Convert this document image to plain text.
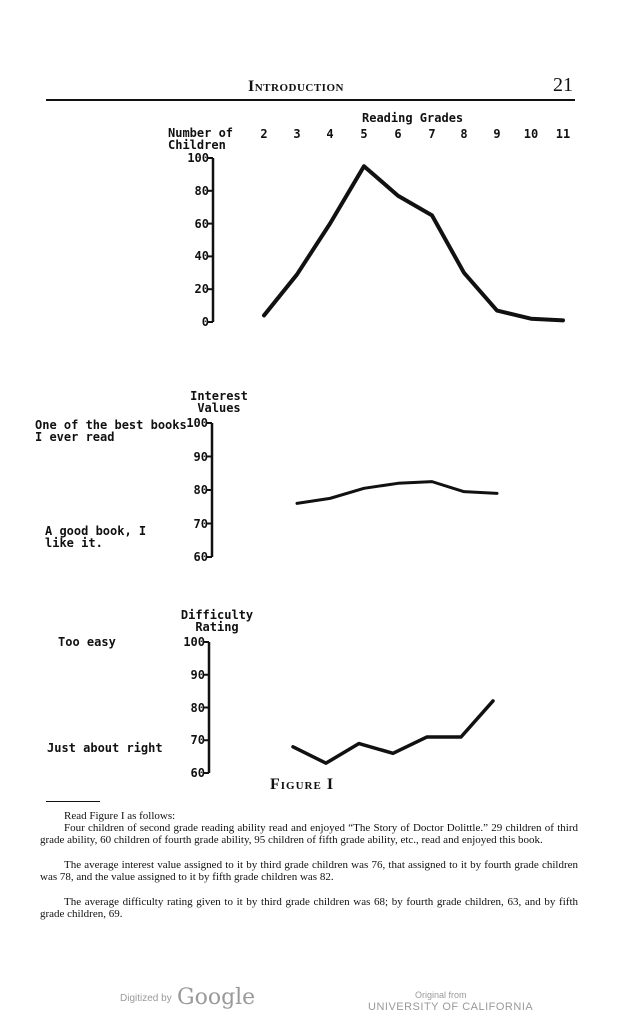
Introduction	21
Reading Grades
Number of Children
2	3	4	5	6	7	8	9	10 11
100
80
60
40
20
0
Interest Values
One of the best books I ever read
A good book, I like it.
100
90
80
70
60
Difficulty Rating
Too easy
Just about right
100
90
80
70
60
Figure I
Read Figure I as follows:
Four children of second grade reading ability read and enjoyed “The Story of Doctor Dolittle.” 29 children of third grade ability, 60 children of fourth grade ability, 95 children of fifth grade ability, etc., read and enjoyed this book.
The average interest value assigned to it by third grade children was 76, that assigned to it by fourth grade children was 78, and the value assigned to it by fifth grade children was 82.
The average difficulty rating given to it by third grade children was 68; by fourth grade children, 63, and by fifth grade children, 69.
Digitized by Google	Original from
UNIVERSITY OF CALIFORNIA
